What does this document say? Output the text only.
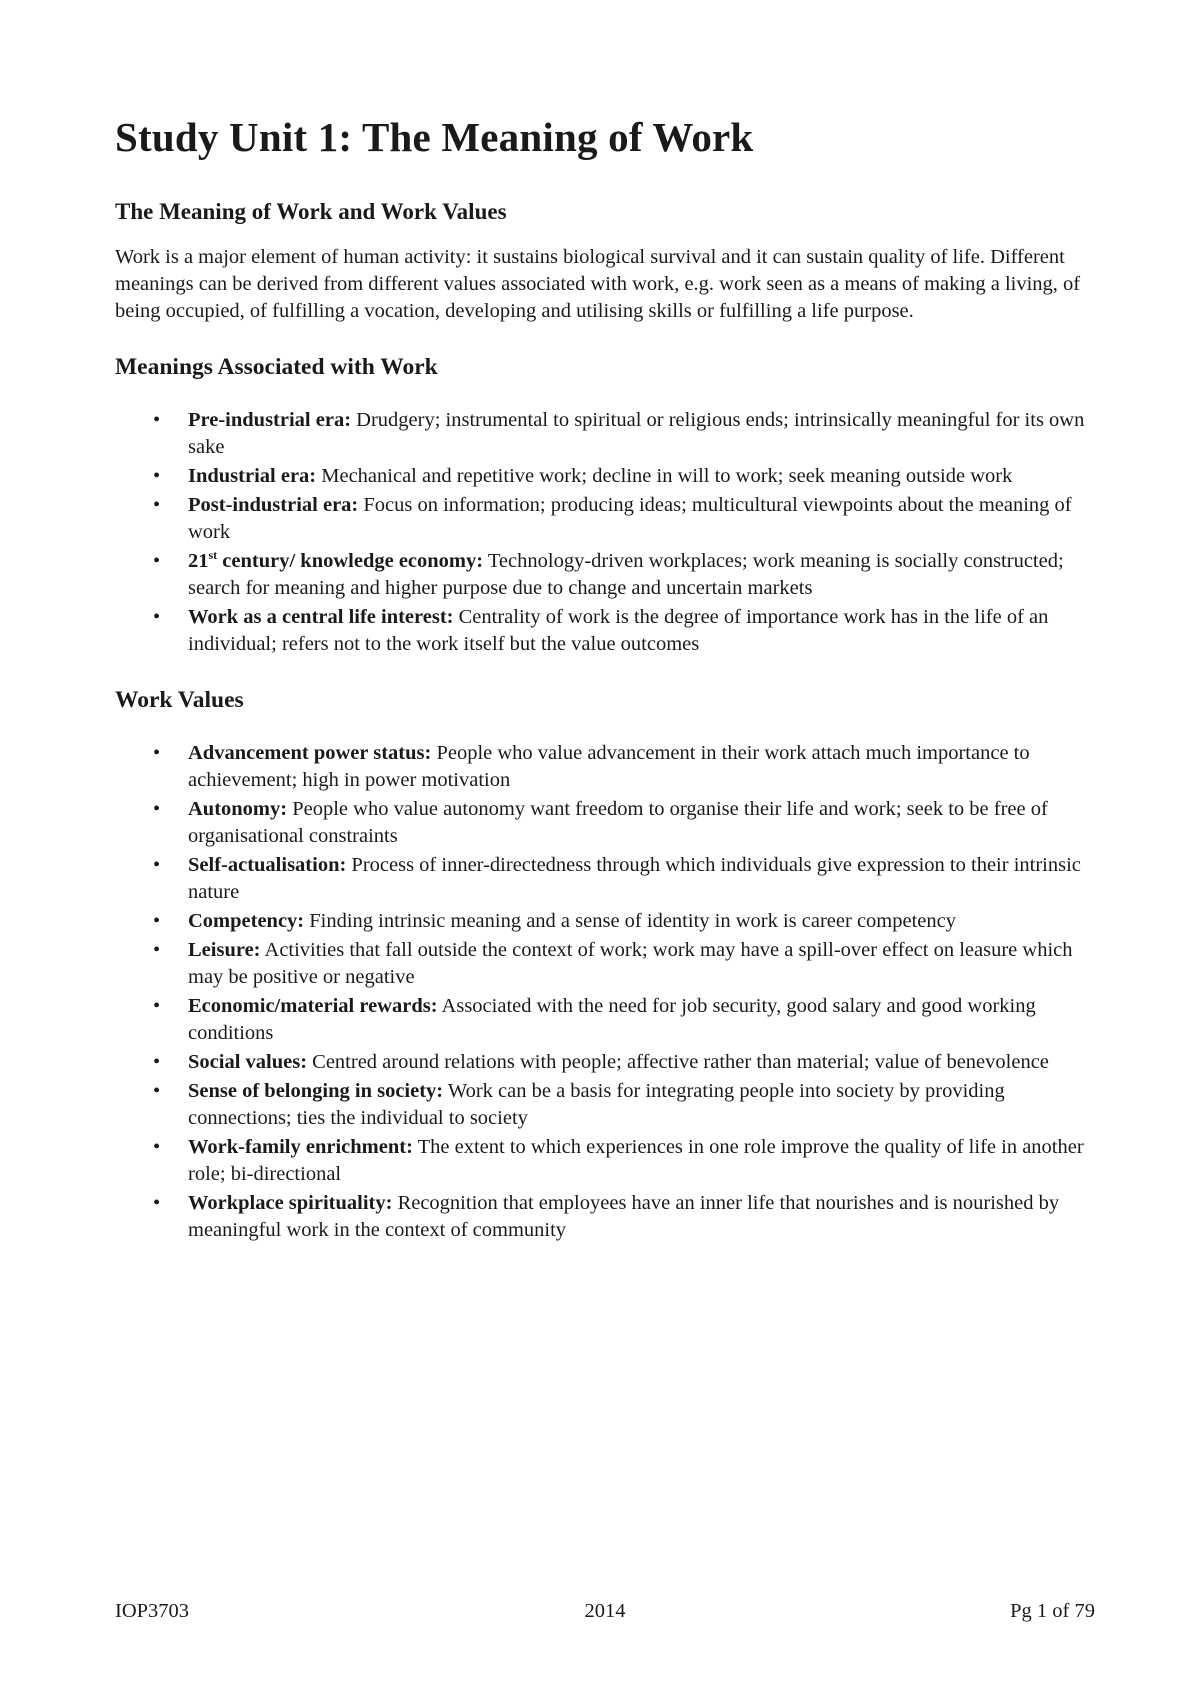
Study Unit 1: The Meaning of Work
The Meaning of Work and Work Values

Work is a major element of human activity: it sustains biological survival and it can sustain quality of life. Different meanings can be derived from different values associated with work, e.g. work seen as a means of making a living, of being occupied, of fulfilling a vocation, developing and utilising skills or fulfilling a life purpose.

Meanings Associated with Work
• Pre-industrial era: Drudgery; instrumental to spiritual or religious ends; intrinsically meaningful for its own sake
• Industrial era: Mechanical and repetitive work; decline in will to work; seek meaning outside work
• Post-industrial era: Focus on information; producing ideas; multicultural viewpoints about the meaning of work
• 21st century/ knowledge economy: Technology-driven workplaces; work meaning is socially constructed; search for meaning and higher purpose due to change and uncertain markets
• Work as a central life interest: Centrality of work is the degree of importance work has in the life of an individual; refers not to the work itself but the value outcomes
Work Values
• Advancement power status: People who value advancement in their work attach much importance to achievement; high in power motivation
• Autonomy: People who value autonomy want freedom to organise their life and work; seek to be free of organisational constraints
• Self-actualisation: Process of inner-directedness through which individuals give expression to their intrinsic nature
• Competency: Finding intrinsic meaning and a sense of identity in work is career competency
• Leisure: Activities that fall outside the context of work; work may have a spill-over effect on leasure which may be positive or negative
• Economic/material rewards: Associated with the need for job security, good salary and good working conditions
• Social values: Centred around relations with people; affective rather than material; value of benevolence
• Sense of belonging in society: Work can be a basis for integrating people into society by providing connections; ties the individual to society
• Work-family enrichment: The extent to which experiences in one role improve the quality of life in another role; bi-directional
• Workplace spirituality: Recognition that employees have an inner life that nourishes and is nourished by meaningful work in the context of community
IOP3703	2014	Pg 1 of 79
